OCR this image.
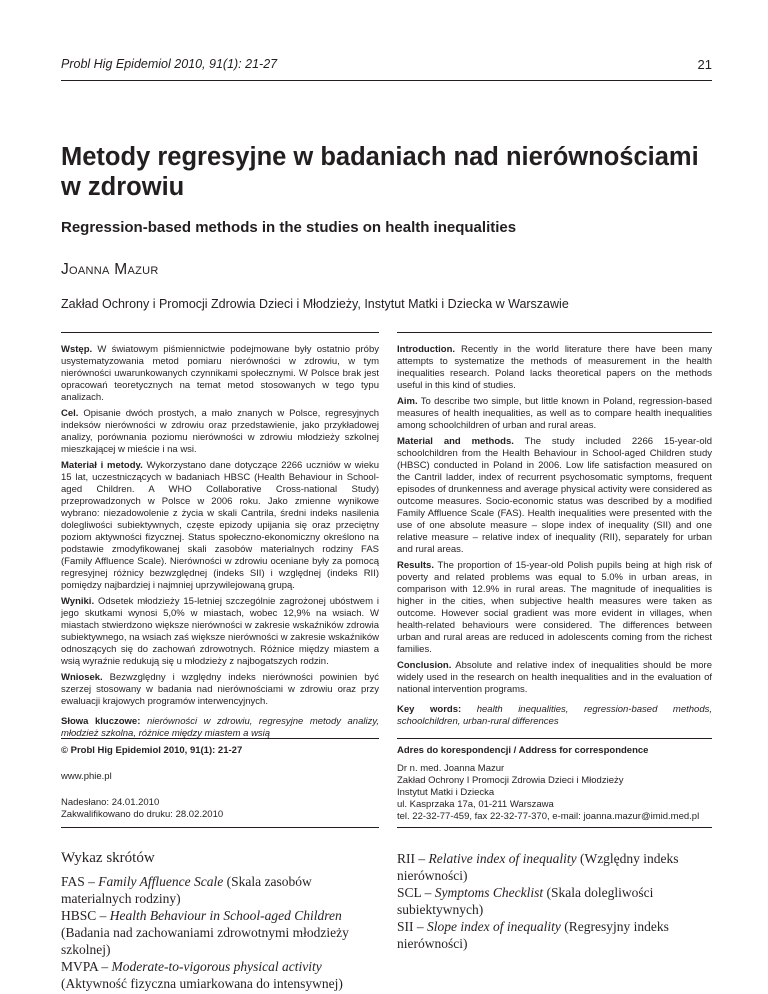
Probl Hig Epidemiol 2010, 91(1): 21-27	21
Metody regresyjne w badaniach nad nierównościami w zdrowiu
Regression-based methods in the studies on health inequalities
Joanna Mazur
Zakład Ochrony i Promocji Zdrowia Dzieci i Młodzieży, Instytut Matki i Dziecka w Warszawie

Wstęp. W światowym piśmiennictwie podejmowane były ostatnio próby usystematyzowania metod pomiaru nierówności w zdrowiu, w tym nierówności uwarunkowanych czynnikami społecznymi. W Polsce brak jest opracowań teoretycznych na temat metod stosowanych w tego typu analizach.

Cel. Opisanie dwóch prostych, a mało znanych w Polsce, regresyjnych indeksów nierówności w zdrowiu oraz przedstawienie, jako przykładowej analizy, porównania poziomu nierówności w zdrowiu młodzieży szkolnej mieszkającej w mieście i na wsi.

Materiał i metody. Wykorzystano dane dotyczące 2266 uczniów w wieku 15 lat, uczestniczących w badaniach HBSC (Health Behaviour in School-aged Children. A WHO Collaborative Cross-national Study) przeprowadzonych w Polsce w 2006 roku. Jako zmienne wynikowe wybrano: niezadowolenie z życia w skali Cantrila, średni indeks nasilenia dolegliwości subiektywnych, częste epizody upijania się oraz przeciętny poziom aktywności fizycznej. Status społeczno-ekonomiczny określono na podstawie zmodyfikowanej skali zasobów materialnych rodziny FAS (Family Affluence Scale). Nierówności w zdrowiu oceniane były za pomocą regresyjnej różnicy bezwzględnej (indeks SII) i względnej (indeks RII) pomiędzy najbardziej i najmniej uprzywilejowaną grupą.

Wyniki. Odsetek młodzieży 15-letniej szczególnie zagrożonej ubóstwem i jego skutkami wynosi 5,0% w miastach, wobec 12,9% na wsiach. W miastach stwierdzono większe nierówności w zakresie wskaźników zdrowia subiektywnego, na wsiach zaś większe nierówności w zakresie wskaźników odnoszących się do zachowań zdrowotnych. Różnice między miastem a wsią wyraźnie redukują się u młodzieży z najbogatszych rodzin.

Wniosek. Bezwzględny i względny indeks nierówności powinien być szerzej stosowany w badania nad nierównościami w zdrowiu oraz przy ewaluacji krajowych programów interwencyjnych.

Słowa kluczowe: nierówności w zdrowiu, regresyjne metody analizy, młodzież szkolna, różnice między miastem a wsią

Introduction. Recently in the world literature there have been many attempts to systematize the methods of measurement in the health inequalities research. Poland lacks theoretical papers on the methods useful in this kind of studies.

Aim. To describe two simple, but little known in Poland, regression-based measures of health inequalities, as well as to compare health inequalities among schoolchildren of urban and rural areas.

Material and methods. The study included 2266 15-year-old schoolchildren from the Health Behaviour in School-aged Children study (HBSC) conducted in Poland in 2006. Low life satisfaction measured on the Cantril ladder, index of recurrent psychosomatic symptoms, frequent episodes of drunkenness and average physical activity were considered as outcome measures. Socio-economic status was described by a modified Family Affluence Scale (FAS). Health inequalities were presented with the use of one absolute measure – slope index of inequality (SII) and one relative measure – relative index of inequality (RII), separately for urban and rural areas.

Results. The proportion of 15-year-old Polish pupils being at high risk of poverty and related problems was equal to 5.0% in urban areas, in comparison with 12.9% in rural areas. The magnitude of inequalities is higher in the cities, when subjective health measures were taken as outcome. However social gradient was more evident in villages, when health-related behaviours were considered. The differences between urban and rural areas are reduced in adolescents coming from the richest families.

Conclusion. Absolute and relative index of inequalities should be more widely used in the research on health inequalities and in the evaluation of national intervention programs.

Key words: health inequalities, regression-based methods, schoolchildren, urban-rural differences

© Probl Hig Epidemiol 2010, 91(1): 21-27
www.phie.pl
Nadesłano: 24.01.2010
Zakwalifikowano do druku: 28.02.2010
Adres do korespondencji / Address for correspondence
Dr n. med. Joanna Mazur
Zakład Ochrony I Promocji Zdrowia Dzieci i Młodzieży
Instytut Matki i Dziecka
ul. Kasprzaka 17a, 01-211 Warszawa
tel. 22-32-77-459, fax 22-32-77-370, e-mail: joanna.mazur@imid.med.pl
Wykaz skrótów

FAS – Family Affluence Scale (Skala zasobów materialnych rodziny)

HBSC – Health Behaviour in School-aged Children (Badania nad zachowaniami zdrowotnymi młodzieży szkolnej)

MVPA – Moderate-to-vigorous physical activity (Aktywność fizyczna umiarkowana do intensywnej)

RII – Relative index of inequality (Względny indeks nierówności)

SCL – Symptoms Checklist (Skala dolegliwości subiektywnych)

SII – Slope index of inequality (Regresyjny indeks nierówności)
